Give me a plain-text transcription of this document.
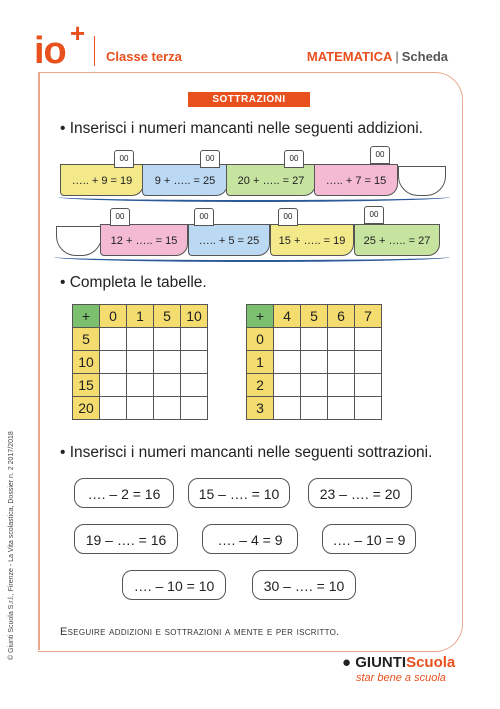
io +
Classe terza	MATEMATICA | Scheda
SOTTRAZIONI
• Inserisci i numeri mancanti nelle seguenti addizioni.
….. + 9 = 19
00
9 + ….. = 25
00
20 + ….. = 27
00
….. + 7 = 15
00
12 + ….. = 15
00
….. + 5 = 25
00
15 + ….. = 19
00
25 + ….. = 27
00
• Completa le tabelle.
+	0	1	5	10
5				
10				
15				
20				
+	4	5	6	7
0				
1				
2				
3				
• Inserisci i numeri mancanti nelle seguenti sottrazioni.
…. – 2 = 16	15 – …. = 10	23 – …. = 20
19 – …. = 16	…. – 4 = 9	…. – 10 = 9
…. – 10 = 10	30 – …. = 10
Eseguire addizioni e sottrazioni a mente e per iscritto.
© Giunti Scuola S.r.l., Firenze - La Vita scolastica, Dossier n. 2 2017/2018
● GIUNTIScuola
star bene a scuola
